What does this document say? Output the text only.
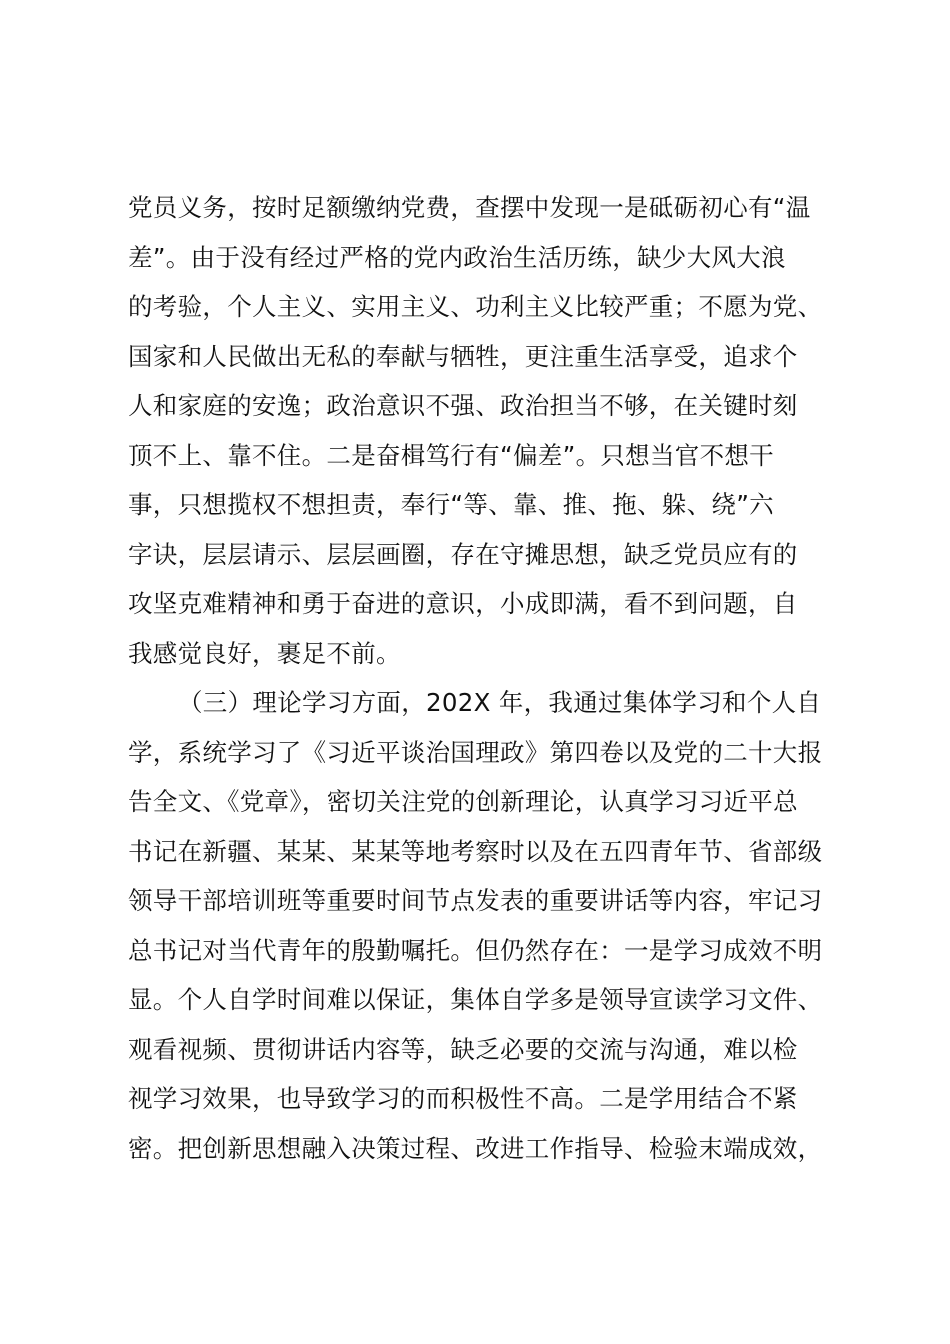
党员义务，按时足额缴纳党费，查摆中发现一是砥砺初心有“温
差”。由于没有经过严格的党内政治生活历练，缺少大风大浪
的考验，个人主义、实用主义、功利主义比较严重；不愿为党、
国家和人民做出无私的奉献与牺牲，更注重生活享受，追求个
人和家庭的安逸；政治意识不强、政治担当不够，在关键时刻
顶不上、靠不住。二是奋楫笃行有“偏差”。只想当官不想干
事，只想揽权不想担责，奉行“等、靠、推、拖、躲、绕”六
字诀，层层请示、层层画圈，存在守摊思想，缺乏党员应有的
攻坚克难精神和勇于奋进的意识，小成即满，看不到问题，自
我感觉良好，裹足不前。
（三）理论学习方面，202X 年，我通过集体学习和个人自
学，系统学习了《习近平谈治国理政》第四卷以及党的二十大报
告全文、《党章》，密切关注党的创新理论，认真学习习近平总
书记在新疆、某某、某某等地考察时以及在五四青年节、省部级
领导干部培训班等重要时间节点发表的重要讲话等内容，牢记习
总书记对当代青年的殷勤嘱托。但仍然存在：一是学习成效不明
显。个人自学时间难以保证，集体自学多是领导宣读学习文件、
观看视频、贯彻讲话内容等，缺乏必要的交流与沟通，难以检
视学习效果，也导致学习的而积极性不高。二是学用结合不紧
密。把创新思想融入决策过程、改进工作指导、检验末端成效，
